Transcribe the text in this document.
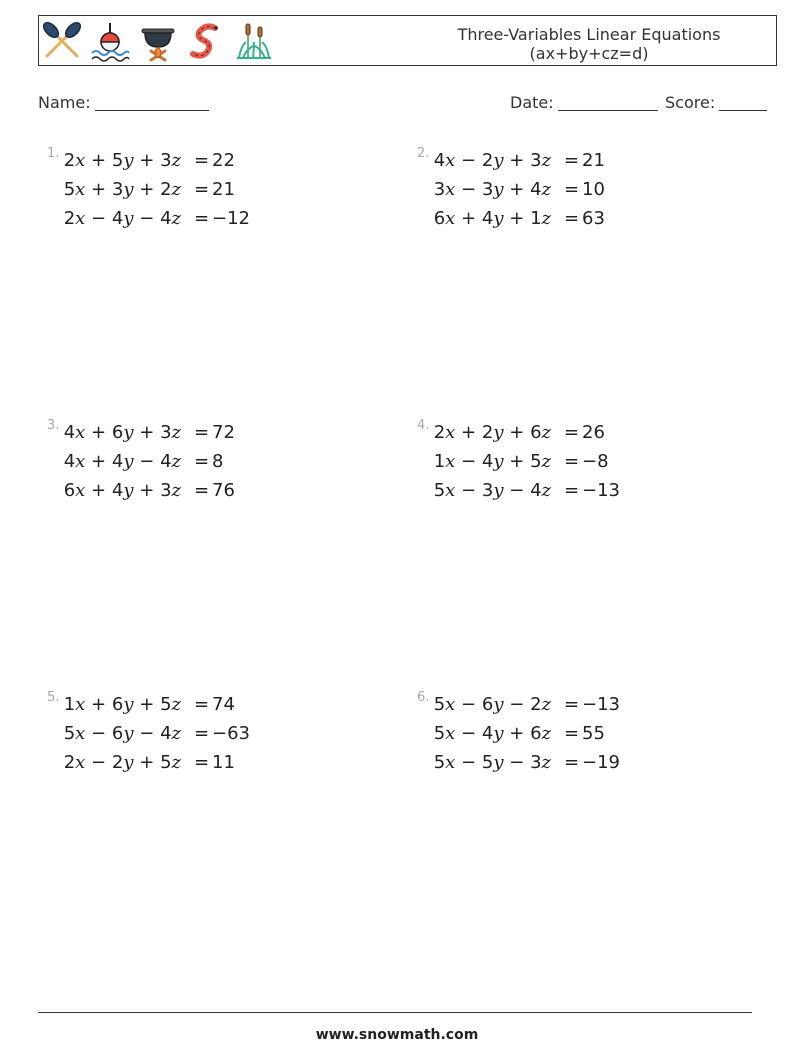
Three-Variables Linear Equations
(ax+by+cz=d)
Name:	Date:	Score:
1. 2x + 5y + 3z = 22
5x + 3y + 2z = 21
2x − 4y − 4z = −12
2. 4x − 2y + 3z = 21
3x − 3y + 4z = 10
6x + 4y + 1z = 63
3. 4x + 6y + 3z = 72
4x + 4y − 4z = 8
6x + 4y + 3z = 76
4. 2x + 2y + 6z = 26
1x − 4y + 5z = −8
5x − 3y − 4z = −13
5. 1x + 6y + 5z = 74
5x − 6y − 4z = −63
2x − 2y + 5z = 11
6. 5x − 6y − 2z = −13
5x − 4y + 6z = 55
5x − 5y − 3z = −19
www.snowmath.com
